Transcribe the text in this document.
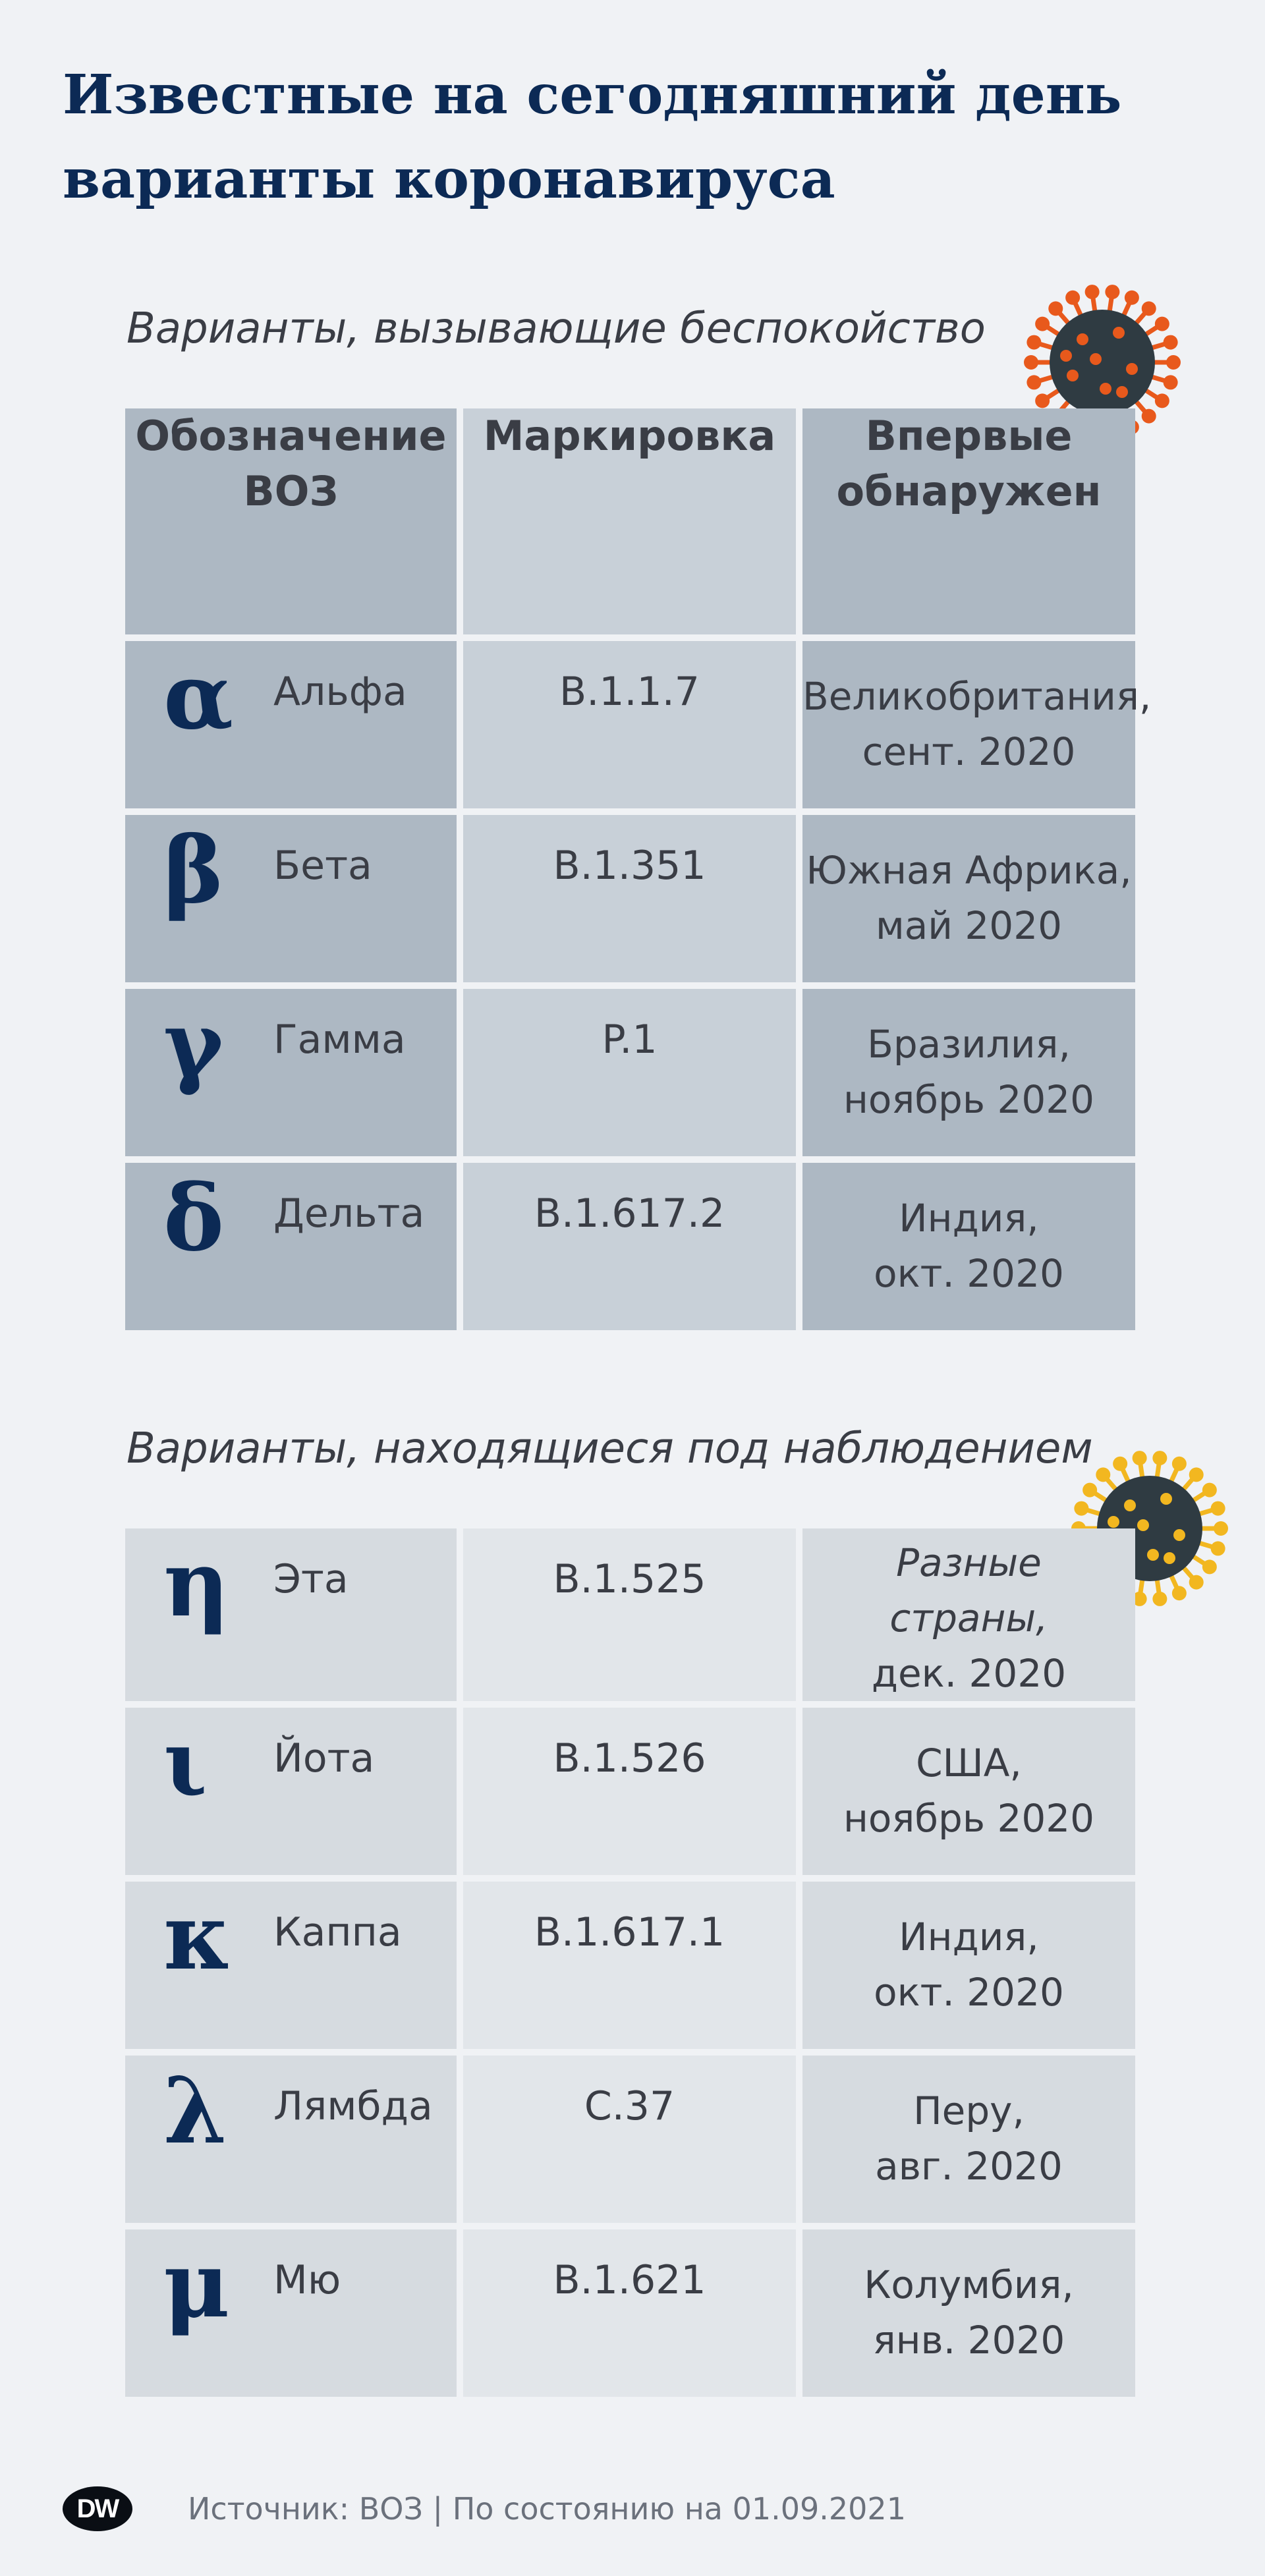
Известные на сегодняшний день
варианты коронавируса
Варианты, вызывающие беспокойство
Обозначение ВОЗ	Маркировка	Впервые обнаружен

α Альфа	B.1.1.7	Великобритания,
сент. 2020

β Бета	B.1.351	Южная Африка,
май 2020

γ Гамма	P.1	Бразилия,
ноябрь 2020

δ Дельта	B.1.617.2	Индия,
окт. 2020
Варианты, находящиеся под наблюдением
η Эта	B.1.525	Разные
страны,
дек. 2020

ι Йота	B.1.526	США,
ноябрь 2020

κ Каппа	B.1.617.1	Индия,
окт. 2020

λ Лямбда	C.37	Перу,
авг. 2020

μ Мю	B.1.621	Колумбия,
янв. 2020
DW	Источник: ВОЗ | По состоянию на 01.09.2021
